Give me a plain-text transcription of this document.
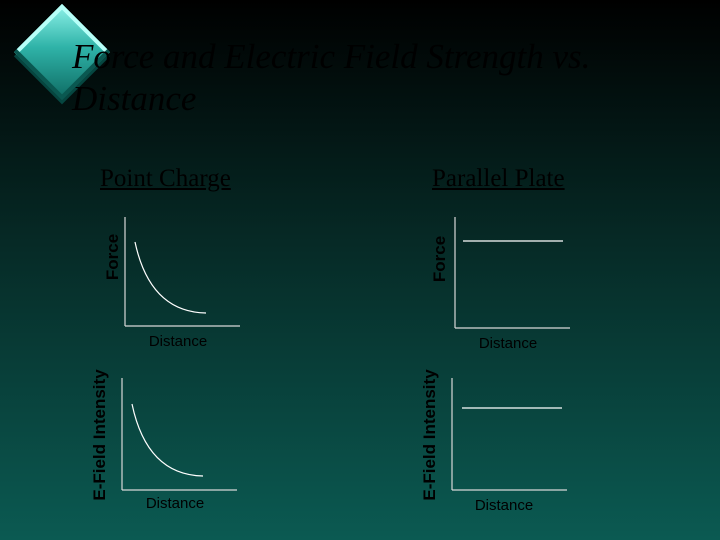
Force and Electric Field Strength vs. Distance
Point Charge	Parallel Plate
Force	Force
E-Field Intensity	E-Field Intensity
Distance	Distance
Distance	Distance
